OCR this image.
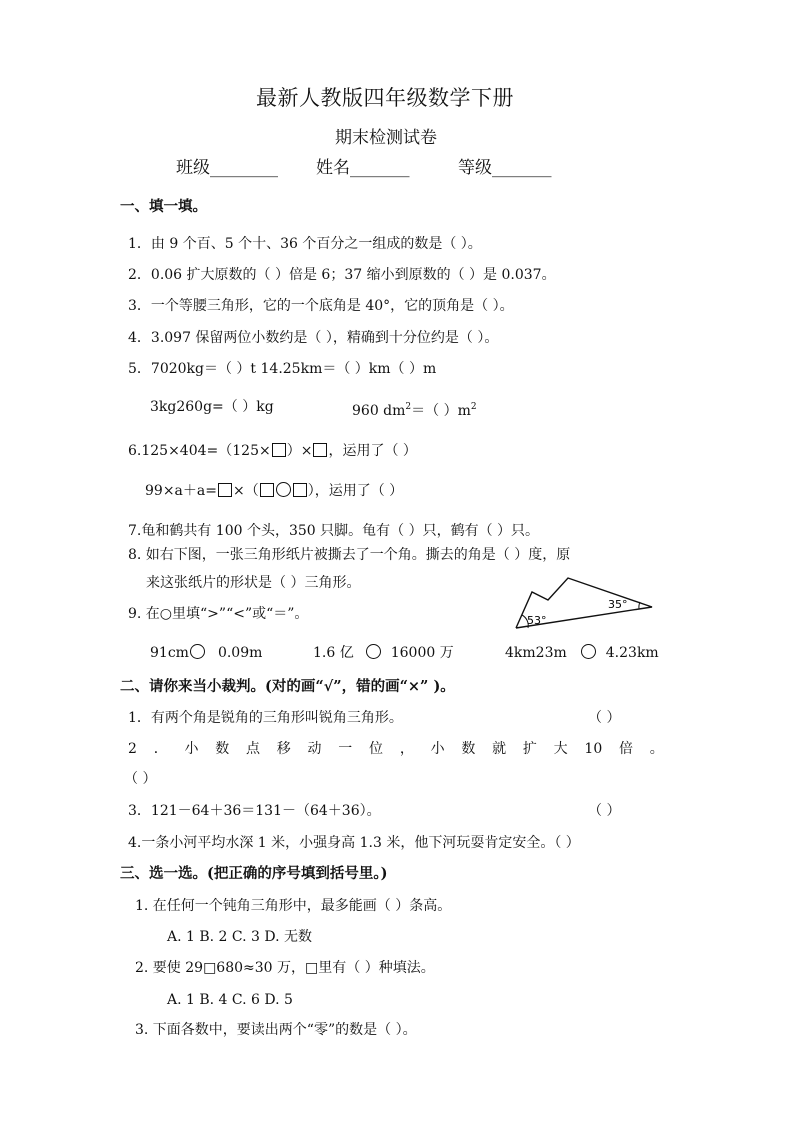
最新人教版四年级数学下册
期末检测试卷
班级________ 姓名_______	等级_______
一、填一填。
1．由 9 个百、5 个十、36 个百分之一组成的数是（ ）。
2．0.06 扩大原数的（ ）倍是 6；37 缩小到原数的（ ）是 0.037。
3．一个等腰三角形，它的一个底角是 40°，它的顶角是（ ）。
4．3.097 保留两位小数约是（ ），精确到十分位约是（ ）。
5．7020kg＝（ ）t 14.25km＝（ ）km（ ）m
3kg260g=（ ）kg	960 $dm^2=$（ ）$m^2$
6.125×404=（125× ）× ，运用了（ ）
99×a＋a= ×（	），运用了（ ）
7.龟和鹤共有 100 个头，350 只脚。龟有（ ）只，鹤有（ ）只。
8. 如右下图，一张三角形纸片被撕去了一个角。撕去的角是（ ）度，原
来这张纸片的形状是（ ）三角形。
9. 在○里填“>”“<”或“＝”。	53°
35°
91cm 0.09m	1.6 亿	16000 万	4km23m	4.23km
二、请你来当小裁判。(对的画“√”，错的画“×” )。
1．有两个角是锐角的三角形叫锐角三角形。	（ ）
2 ． 小 数 点 移 动 一 位 ， 小 数 就 扩 大 10 倍 。
（ ）
3．121－64＋36＝131－（64＋36）。	（ ）
4.一条小河平均水深 1 米，小强身高 1.3 米，他下河玩耍肯定安全。（ ）
三、选一选。(把正确的序号填到括号里。)
1. 在任何一个钝角三角形中，最多能画（ ）条高。
A. 1 B. 2 C. 3 D. 无数
2. 要使 29□680≈30 万，□里有（ ）种填法。
A. 1 B. 4 C. 6 D. 5
3. 下面各数中，要读出两个“零”的数是（ ）。
